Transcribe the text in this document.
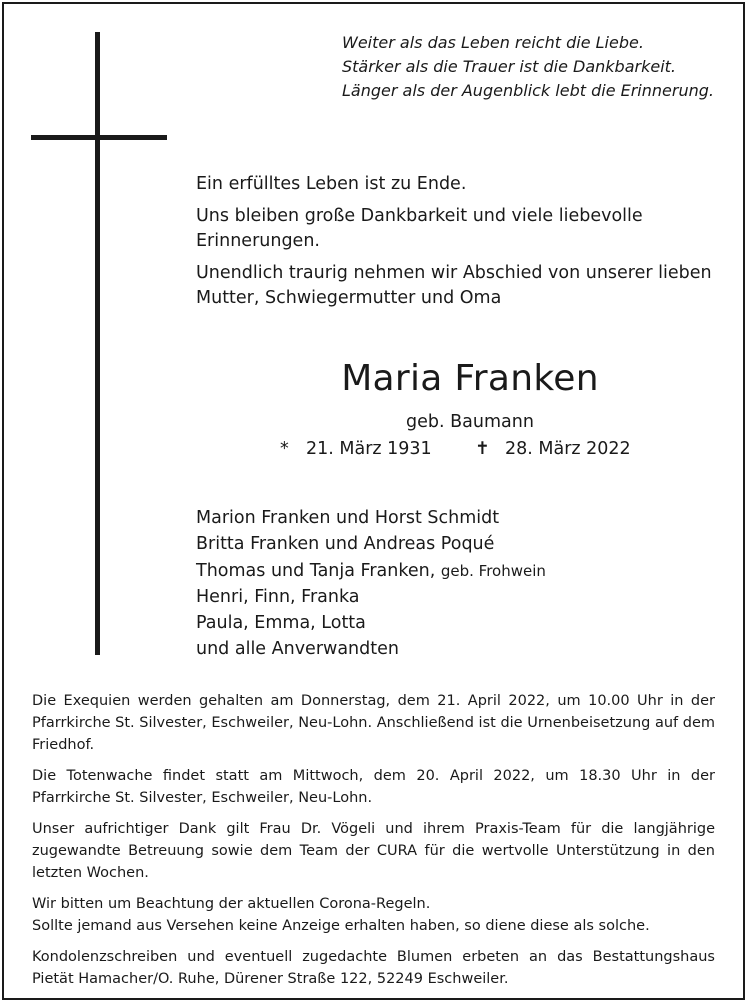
Weiter als das Leben reicht die Liebe.
Stärker als die Trauer ist die Dankbarkeit.
Länger als der Augenblick lebt die Erinnerung.

Ein erfülltes Leben ist zu Ende.

Uns bleiben große Dankbarkeit und viele liebevolle Erinnerungen.

Unendlich traurig nehmen wir Abschied von unserer lieben Mutter, Schwiegermutter und Oma

Maria Franken
geb. Baumann
* 21. März 1931 ✝ 28. März 2022
Marion Franken und Horst Schmidt
Britta Franken und Andreas Poqué
Thomas und Tanja Franken, geb. Frohwein
Henri, Finn, Franka
Paula, Emma, Lotta
und alle Anverwandten

Die Exequien werden gehalten am Donnerstag, dem 21. April 2022, um 10.00 Uhr in der Pfarrkirche St. Silvester, Eschweiler, Neu-Lohn. Anschließend ist die Urnenbeisetzung auf dem Friedhof.

Die Totenwache findet statt am Mittwoch, dem 20. April 2022, um 18.30 Uhr in der Pfarrkirche St. Silvester, Eschweiler, Neu-Lohn.

Unser aufrichtiger Dank gilt Frau Dr. Vögeli und ihrem Praxis-Team für die langjährige zugewandte Betreuung sowie dem Team der CURA für die wertvolle Unterstützung in den letzten Wochen.

Wir bitten um Beachtung der aktuellen Corona-Regeln.
Sollte jemand aus Versehen keine Anzeige erhalten haben, so diene diese als solche.

Kondolenzschreiben und eventuell zugedachte Blumen erbeten an das Bestattungshaus Pietät Hamacher/O. Ruhe, Dürener Straße 122, 52249 Eschweiler.
